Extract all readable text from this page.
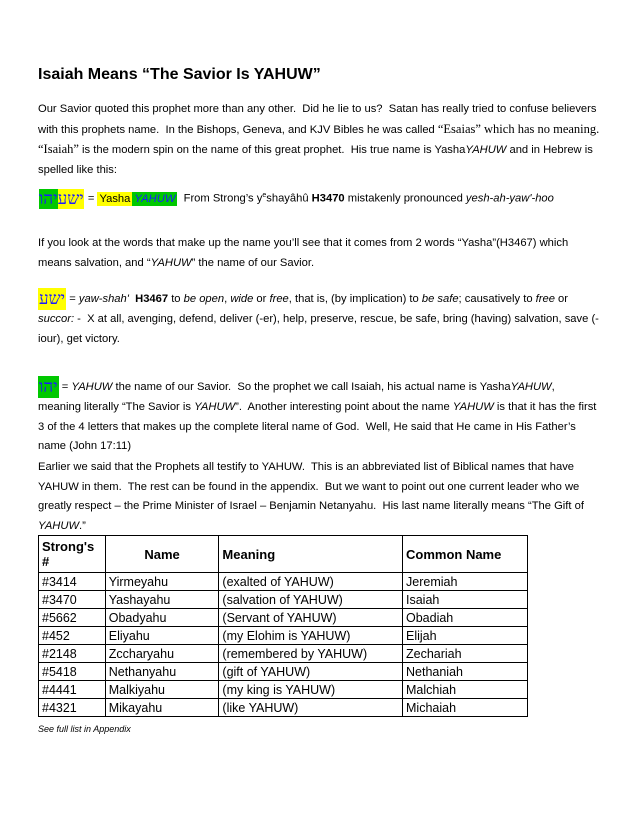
Isaiah Means “The Savior Is YAHUW”
Our Savior quoted this prophet more than any other.  Did he lie to us?  Satan has really tried to confuse believers with this prophets name.  In the Bishops, Geneva, and KJV Bibles he was called “Esaias” which has no meaning.  “Isaiah” is the modern spin on the name of this great prophet.  His true name is YashaYAHUW and in Hebrew is spelled like this:
יהוישע = Yasha YAHUW  From Strong’s $y^eshayâhû$ H3470 mistakenly pronounced yesh-ah-yaw'-hoo
If you look at the words that make up the name you’ll see that it comes from 2 words “Yasha”(H3467) which means salvation, and “YAHUW” the name of our Savior.
ישע = yaw-shah' H3467 to be open, wide or free, that is, (by implication) to be safe; causatively to free or succor: -  X at all, avenging, defend, deliver (-er), help, preserve, rescue, be safe, bring (having) salvation, save (-iour), get victory.
יהו = YAHUW the name of our Savior.  So the prophet we call Isaiah, his actual name is YashaYAHUW,
meaning literally “The Savior is YAHUW”.  Another interesting point about the name YAHUW is that it has the first 3 of the 4 letters that makes up the complete literal name of God.  Well, He said that He came in His Father’s name (John 17:11)
Earlier we said that the Prophets all testify to YAHUW.  This is an abbreviated list of Biblical names that have YAHUW in them.  The rest can be found in the appendix.  But we want to point out one current leader who we greatly respect – the Prime Minister of Israel – Benjamin Netanyahu.  His last name literally means “The Gift of YAHUW.”
Strong's #	Name	Meaning	Common Name
#3414	Yirmeyahu	(exalted of YAHUW)	Jeremiah
#3470	Yashayahu	(salvation of YAHUW)	Isaiah
#5662	Obadyahu	(Servant of YAHUW)	Obadiah
#452	Eliyahu	(my Elohim is YAHUW)	Elijah
#2148	Zccharyahu	(remembered by YAHUW)	Zechariah
#5418	Nethanyahu	(gift of YAHUW)	Nethaniah
#4441	Malkiyahu	(my king is YAHUW)	Malchiah
#4321	Mikayahu	(like YAHUW)	Michaiah
See full list in Appendix
